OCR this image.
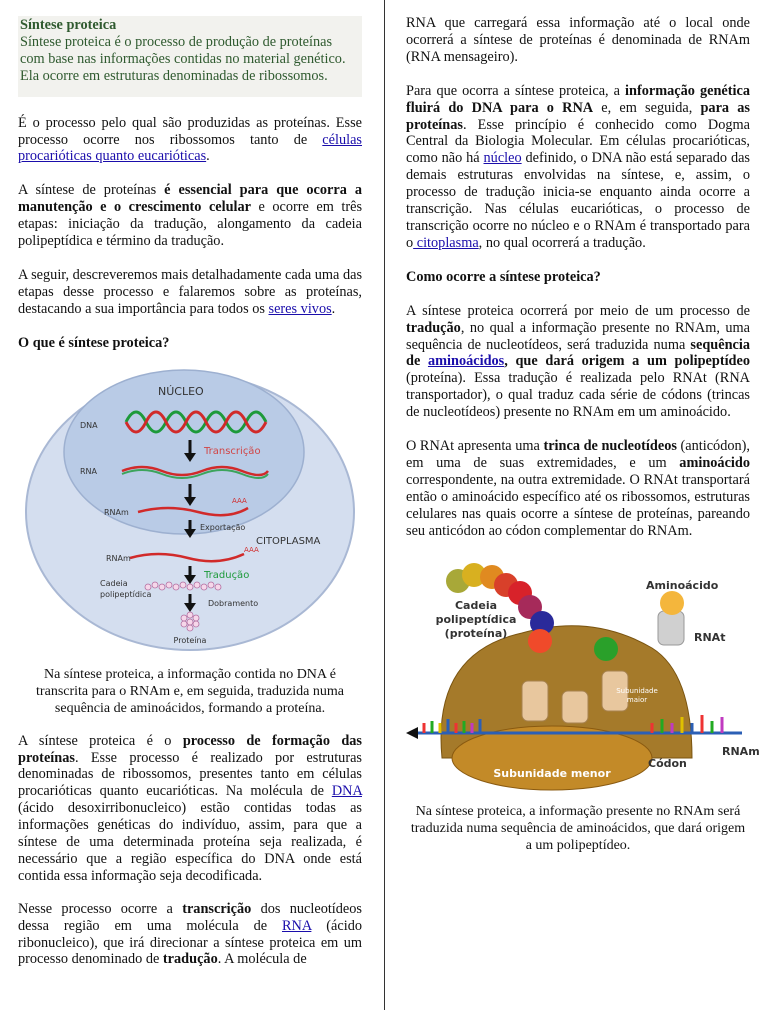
Síntese proteica

Síntese proteica é o processo de produção de proteínas com base nas informações contidas no material genético. Ela ocorre em estruturas denominadas de ribossomos.

É o processo pelo qual são produzidas as proteínas. Esse processo ocorre nos ribossomos tanto de células procarióticas quanto eucarióticas.

A síntese de proteínas é essencial para que ocorra a manutenção e o crescimento celular e ocorre em três etapas: iniciação da tradução, alongamento da cadeia polipeptídica e término da tradução.

A seguir, descreveremos mais detalhadamente cada uma das etapas desse processo e falaremos sobre as proteínas, destacando a sua importância para todos os seres vivos.

O que é síntese proteica?

NÚCLEO
DNA
Transcrição
RNA
RNAm
AAA
Exportação
CITOPLASMA
RNAm
AAA
Tradução
Cadeia
polipeptídica
Dobramento
Proteína

Na síntese proteica, a informação contida no DNA é transcrita para o RNAm e, em seguida, traduzida numa sequência de aminoácidos, formando a proteína.

A síntese proteica é o processo de formação das proteínas. Esse processo é realizado por estruturas denominadas de ribossomos, presentes tanto em células procarióticas quanto eucarióticas. Na molécula de DNA (ácido desoxirribonucleico) estão contidas todas as informações genéticas do indivíduo, assim, para que a síntese de uma determinada proteína seja realizada, é necessário que a região específica do DNA onde está contida essa informação seja decodificada.

Nesse processo ocorre a transcrição dos nucleotídeos dessa região em uma molécula de RNA (ácido ribonucleico), que irá direcionar a síntese proteica em um processo denominado de tradução. A molécula de

RNA que carregará essa informação até o local onde ocorrerá a síntese de proteínas é denominada de RNAm (RNA mensageiro).

Para que ocorra a síntese proteica, a informação genética fluirá do DNA para o RNA e, em seguida, para as proteínas. Esse princípio é conhecido como Dogma Central da Biologia Molecular. Em células procarióticas, como não há núcleo definido, o DNA não está separado das demais estruturas envolvidas na síntese, e, assim, o processo de tradução inicia-se enquanto ainda ocorre a transcrição. Nas células eucarióticas, o processo de transcrição ocorre no núcleo e o RNAm é transportado para o citoplasma, no qual ocorrerá a tradução.

Como ocorre a síntese proteica?

A síntese proteica ocorrerá por meio de um processo de tradução, no qual a informação presente no RNAm, uma sequência de nucleotídeos, será traduzida numa sequência de aminoácidos, que dará origem a um polipeptídeo (proteína). Essa tradução é realizada pelo RNAt (RNA transportador), o qual traduz cada série de códons (trincas de nucleotídeos) presente no RNAm em um aminoácido.

O RNAt apresenta uma trinca de nucleotídeos (anticódon), em uma de suas extremidades, e um aminoácido correspondente, na outra extremidade. O RNAt transportará então o aminoácido específico até os ribossomos, estruturas celulares nas quais ocorre a síntese de proteínas, pareando seu anticódon ao códon complementar do RNAm.

Cadeia
polipeptídica
(proteína)
Aminoácido
RNAt
Subunidade
maior
Subunidade menor
RNAm
Códon

Na síntese proteica, a informação presente no RNAm será traduzida numa sequência de aminoácidos, que dará origem a um polipeptídeo.
